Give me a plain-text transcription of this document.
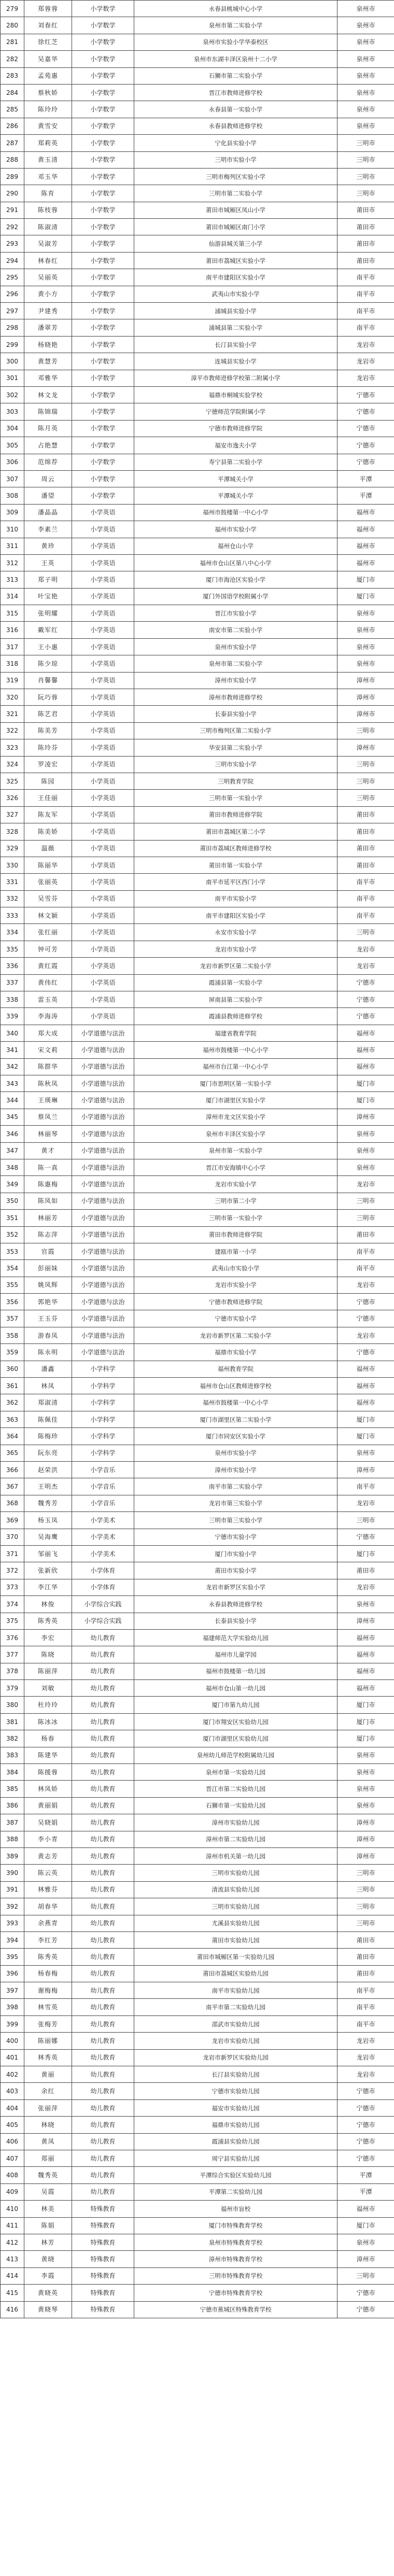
279	郑蓉蓉	小学数学	永春县桃城中心小学	泉州市
280	刘春红	小学数学	泉州市第二实验小学	泉州市
281	徐红芝	小学数学	泉州市实验小学华泰校区	泉州市
282	吴嘉华	小学数学	泉州市东湖丰泽区泉州十二小学	泉州市
283	孟苑惠	小学数学	石狮市第二实验小学	泉州市
284	蔡秋娇	小学数学	晋江市教师进修学校	泉州市
285	陈玲玲	小学数学	永春县第一实验小学	泉州市
286	黄雪安	小学数学	永春县教师进修学校	泉州市
287	郑莉英	小学数学	宁化县实验小学	三明市
288	黄玉清	小学数学	三明市实验小学	三明市
289	邓玉华	小学数学	三明市梅列区实验小学	三明市
290	陈育	小学数学	三明市第二实验小学	三明市
291	陈枝蓉	小学数学	莆田市城厢区凤山小学	莆田市
292	陈淑清	小学数学	莆田市城厢区南门小学	莆田市
293	吴淑芳	小学数学	仙游县城关第三小学	莆田市
294	林春红	小学数学	莆田市荔城区实验小学	莆田市
295	吴丽英	小学数学	南平市建阳区实验小学	南平市
296	黄小方	小学数学	武夷山市实验小学	南平市
297	尹建秀	小学数学	浦城县实验小学	南平市
298	潘翠芳	小学数学	浦城县第二实验小学	南平市
299	杨晓艳	小学数学	长汀县实验小学	龙岩市
300	黄慧芳	小学数学	连城县实验小学	龙岩市
301	邓雅华	小学数学	漳平市教师进修学校第二附属小学	龙岩市
302	林文龙	小学数学	福鼎市桐城实验学校	宁德市
303	陈锦瑞	小学数学	宁德师范学院附属小学	宁德市
304	陈月英	小学数学	宁德市教师进修学院	宁德市
305	占艳慧	小学数学	福安市逸夫小学	宁德市
306	范绵荐	小学数学	寿宁县第二实验小学	宁德市
307	周云	小学数学	平潭城关小学	平潭
308	潘望	小学数学	平潭城关小学	平潭
309	潘晶晶	小学英语	福州市鼓楼第一中心小学	福州市
310	李素兰	小学英语	福州市实验小学	福州市
311	黄珍	小学英语	福州仓山小学	福州市
312	王英	小学英语	福州市仓山区第八中心小学	福州市
313	郑子明	小学英语	厦门市海沧区实验小学	厦门市
314	叶宝艳	小学英语	厦门外国语学校附属小学	厦门市
315	张明耀	小学英语	晋江市实验小学	泉州市
316	戴军红	小学英语	南安市第二实验小学	泉州市
317	王小惠	小学英语	泉州市实验小学	泉州市
318	陈少琼	小学英语	泉州市第二实验小学	泉州市
319	肖馨馨	小学英语	漳州市实验小学	漳州市
320	阮巧蓉	小学英语	漳州市教师进修学校	漳州市
321	陈艺君	小学英语	长泰县实验小学	漳州市
322	陈美芳	小学英语	三明市梅列区第二实验小学	三明市
323	陈玲芬	小学英语	华安县第二实验小学	漳州市
324	罗凌宏	小学英语	三明市实验小学	三明市
325	陈园	小学英语	三明教育学院	三明市
326	王佳丽	小学英语	三明市第一实验小学	三明市
327	陈友军	小学英语	莆田市教师进修学院	莆田市
328	陈美娇	小学英语	莆田市荔城区第二小学	莆田市
329	温薇	小学英语	莆田市荔城区教师进修学校	莆田市
330	陈丽华	小学英语	莆田市第一实验小学	莆田市
331	张丽英	小学英语	南平市延平区西门小学	南平市
332	吴雪芬	小学英语	南平市实验小学	南平市
333	林文颖	小学英语	南平市建阳区实验小学	南平市
334	张红丽	小学英语	永安市实验小学	三明市
335	钟可芳	小学英语	龙岩市实验小学	龙岩市
336	黄红霞	小学英语	龙岩市新罗区第二实验小学	龙岩市
337	黄伟红	小学英语	霞浦县第一实验小学	宁德市
338	雷玉英	小学英语	屏南县第二实验小学	宁德市
339	李海涛	小学英语	霞浦县教师进修学校	宁德市
340	郑大成	小学道德与法治	福建省教育学院	福州市
341	宋文莉	小学道德与法治	福州市鼓楼第一中心小学	福州市
342	陈群华	小学道德与法治	福州市台江第一中心小学	福州市
343	陈秋凤	小学道德与法治	厦门市思明区第一实验小学	厦门市
344	王瑛琳	小学道德与法治	厦门市湖里区实验小学	厦门市
345	蔡凤兰	小学道德与法治	漳州市龙文区实验小学	漳州市
346	林丽琴	小学道德与法治	泉州市丰泽区实验小学	泉州市
347	黄才	小学道德与法治	泉州市第一实验小学	泉州市
348	陈一真	小学道德与法治	晋江市安海镇中心小学	泉州市
349	陈惠梅	小学道德与法治	龙岩市实验小学	龙岩市
350	陈凤如	小学道德与法治	三明市第二小学	三明市
351	林丽芳	小学道德与法治	三明市第一实验小学	三明市
352	陈志萍	小学道德与法治	莆田市教师进修学院	莆田市
353	官霞	小学道德与法治	建瓯市第一小学	南平市
354	彭丽妹	小学道德与法治	武夷山市实验小学	南平市
355	姚凤辉	小学道德与法治	龙岩市实验小学	龙岩市
356	郭艳华	小学道德与法治	宁德市教师进修学院	宁德市
357	王玉芬	小学道德与法治	宁德市实验小学	宁德市
358	游春凤	小学道德与法治	龙岩市新罗区第二实验小学	龙岩市
359	陈永明	小学道德与法治	福鼎市实验小学	宁德市
360	潘鑫	小学科学	福州教育学院	福州市
361	林凤	小学科学	福州市仓山区教师进修学校	福州市
362	郑淑清	小学科学	福州市鼓楼第一中心小学	福州市
363	陈佩佳	小学科学	厦门市湖里区第二实验小学	厦门市
364	陈梅珍	小学科学	厦门市同安区实验小学	厦门市
365	阮东亮	小学科学	泉州市实验小学	泉州市
366	赵荣洪	小学音乐	漳州市实验小学	漳州市
367	王明杰	小学音乐	南平市第二实验小学	南平市
368	魏秀芳	小学音乐	龙岩市第三实验小学	龙岩市
369	杨玉凤	小学美术	三明市第三实验小学	三明市
370	吴海鹰	小学美术	宁德市实验小学	宁德市
371	邹丽飞	小学美术	厦门市实验小学	厦门市
372	张新欣	小学体育	莆田市实验小学	莆田市
373	李江华	小学体育	龙岩市新罗区实验小学	龙岩市
374	林俊	小学综合实践	永春县教师进修学校	泉州市
375	陈秀英	小学综合实践	长泰县实验小学	漳州市
376	李宏	幼儿教育	福建师范大学实验幼儿园	福州市
377	陈晓	幼儿教育	福州市儿童学园	福州市
378	陈丽萍	幼儿教育	福州市鼓楼第一幼儿园	福州市
379	刘敏	幼儿教育	福州市仓山第一幼儿园	福州市
380	杜玲玲	幼儿教育	厦门市第九幼儿园	厦门市
381	陈冰冰	幼儿教育	厦门市翔安区实验幼儿园	厦门市
382	杨春	幼儿教育	厦门市湖里区实验幼儿园	厦门市
383	陈建华	幼儿教育	泉州幼儿师范学校附属幼儿园	泉州市
384	陈援蓉	幼儿教育	泉州市第一实验幼儿园	泉州市
385	林凤娇	幼儿教育	晋江市第二实验幼儿园	泉州市
386	黄丽娟	幼儿教育	石狮市第一实验幼儿园	泉州市
387	吴晓娟	幼儿教育	漳州市实验幼儿园	漳州市
388	李小青	幼儿教育	漳州市第二实验幼儿园	漳州市
389	黄志芳	幼儿教育	漳州市机关第一幼儿园	漳州市
390	陈云英	幼儿教育	三明市实验幼儿园	三明市
391	林雅芬	幼儿教育	清流县实验幼儿园	三明市
392	胡春华	幼儿教育	三明市实验幼儿园	三明市
393	余燕青	幼儿教育	尤溪县实验幼儿园	三明市
394	李红芳	幼儿教育	莆田市实验幼儿园	莆田市
395	陈秀英	幼儿教育	莆田市城厢区第一实验幼儿园	莆田市
396	杨春梅	幼儿教育	莆田市荔城区实验幼儿园	莆田市
397	谢梅梅	幼儿教育	南平市实验幼儿园	南平市
398	林雪英	幼儿教育	南平市第二实验幼儿园	南平市
399	张梅芳	幼儿教育	邵武市实验幼儿园	南平市
400	陈丽娜	幼儿教育	龙岩市实验幼儿园	龙岩市
401	林秀英	幼儿教育	龙岩市新罗区实验幼儿园	龙岩市
402	黄丽	幼儿教育	长汀县实验幼儿园	龙岩市
403	余红	幼儿教育	宁德市实验幼儿园	宁德市
404	张丽萍	幼儿教育	福安市实验幼儿园	宁德市
405	林晓	幼儿教育	福鼎市实验幼儿园	宁德市
406	黄凤	幼儿教育	霞浦县实验幼儿园	宁德市
407	郑丽	幼儿教育	周宁县实验幼儿园	宁德市
408	魏秀英	幼儿教育	平潭综合实验区实验幼儿园	平潭
409	吴霞	幼儿教育	平潭第二实验幼儿园	平潭
410	林美	特殊教育	福州市盲校	福州市
411	陈娟	特殊教育	厦门市特殊教育学校	厦门市
412	林芳	特殊教育	泉州市特殊教育学校	泉州市
413	黄晓	特殊教育	漳州市特殊教育学校	漳州市
414	李霞	特殊教育	三明市特殊教育学校	三明市
415	黄晓英	特殊教育	宁德市特殊教育学校	宁德市
416	黄晓琴	特殊教育	宁德市蕉城区特殊教育学校	宁德市
